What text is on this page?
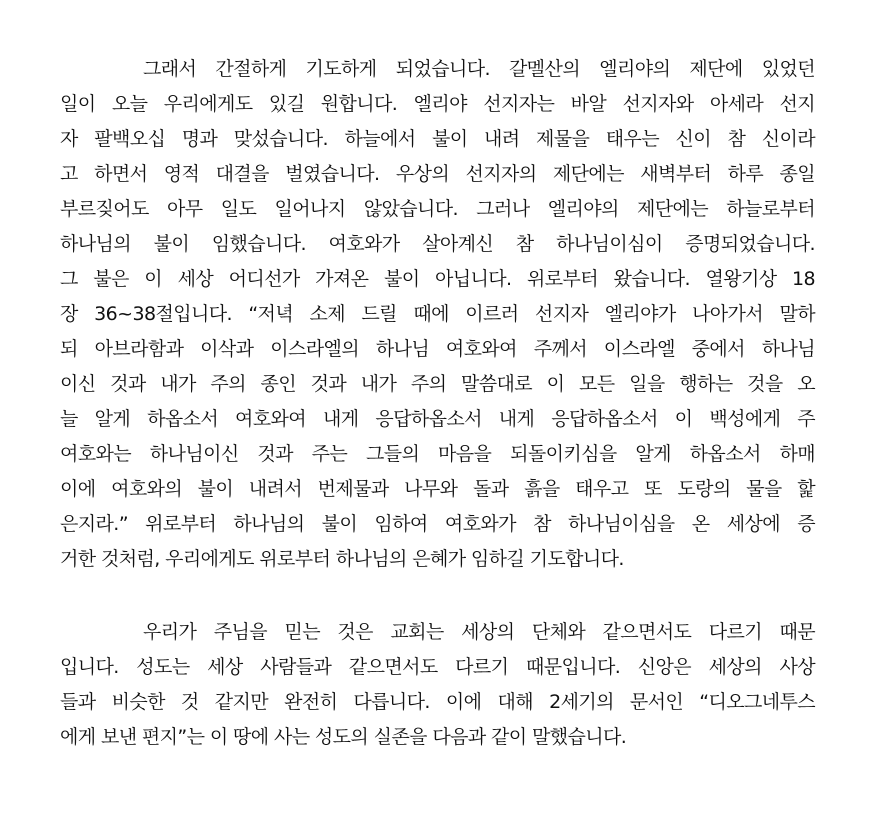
그래서 간절하게 기도하게 되었습니다. 갈멜산의 엘리야의 제단에 있었던
일이 오늘 우리에게도 있길 원합니다. 엘리야 선지자는 바알 선지자와 아세라 선지
자 팔백오십 명과 맞섰습니다. 하늘에서 불이 내려 제물을 태우는 신이 참 신이라
고 하면서 영적 대결을 벌였습니다. 우상의 선지자의 제단에는 새벽부터 하루 종일
부르짖어도 아무 일도 일어나지 않았습니다. 그러나 엘리야의 제단에는 하늘로부터
하나님의 불이 임했습니다. 여호와가 살아계신 참 하나님이심이 증명되었습니다.
그 불은 이 세상 어디선가 가져온 불이 아닙니다. 위로부터 왔습니다. 열왕기상 18
장 36~38절입니다. “저녁 소제 드릴 때에 이르러 선지자 엘리야가 나아가서 말하
되 아브라함과 이삭과 이스라엘의 하나님 여호와여 주께서 이스라엘 중에서 하나님
이신 것과 내가 주의 종인 것과 내가 주의 말씀대로 이 모든 일을 행하는 것을 오
늘 알게 하옵소서 여호와여 내게 응답하옵소서 내게 응답하옵소서 이 백성에게 주
여호와는 하나님이신 것과 주는 그들의 마음을 되돌이키심을 알게 하옵소서 하매
이에 여호와의 불이 내려서 번제물과 나무와 돌과 흙을 태우고 또 도랑의 물을 핥
은지라.” 위로부터 하나님의 불이 임하여 여호와가 참 하나님이심을 온 세상에 증
거한 것처럼, 우리에게도 위로부터 하나님의 은혜가 임하길 기도합니다.
우리가 주님을 믿는 것은 교회는 세상의 단체와 같으면서도 다르기 때문
입니다. 성도는 세상 사람들과 같으면서도 다르기 때문입니다. 신앙은 세상의 사상
들과 비슷한 것 같지만 완전히 다릅니다. 이에 대해 2세기의 문서인 “디오그네투스
에게 보낸 편지”는 이 땅에 사는 성도의 실존을 다음과 같이 말했습니다.
